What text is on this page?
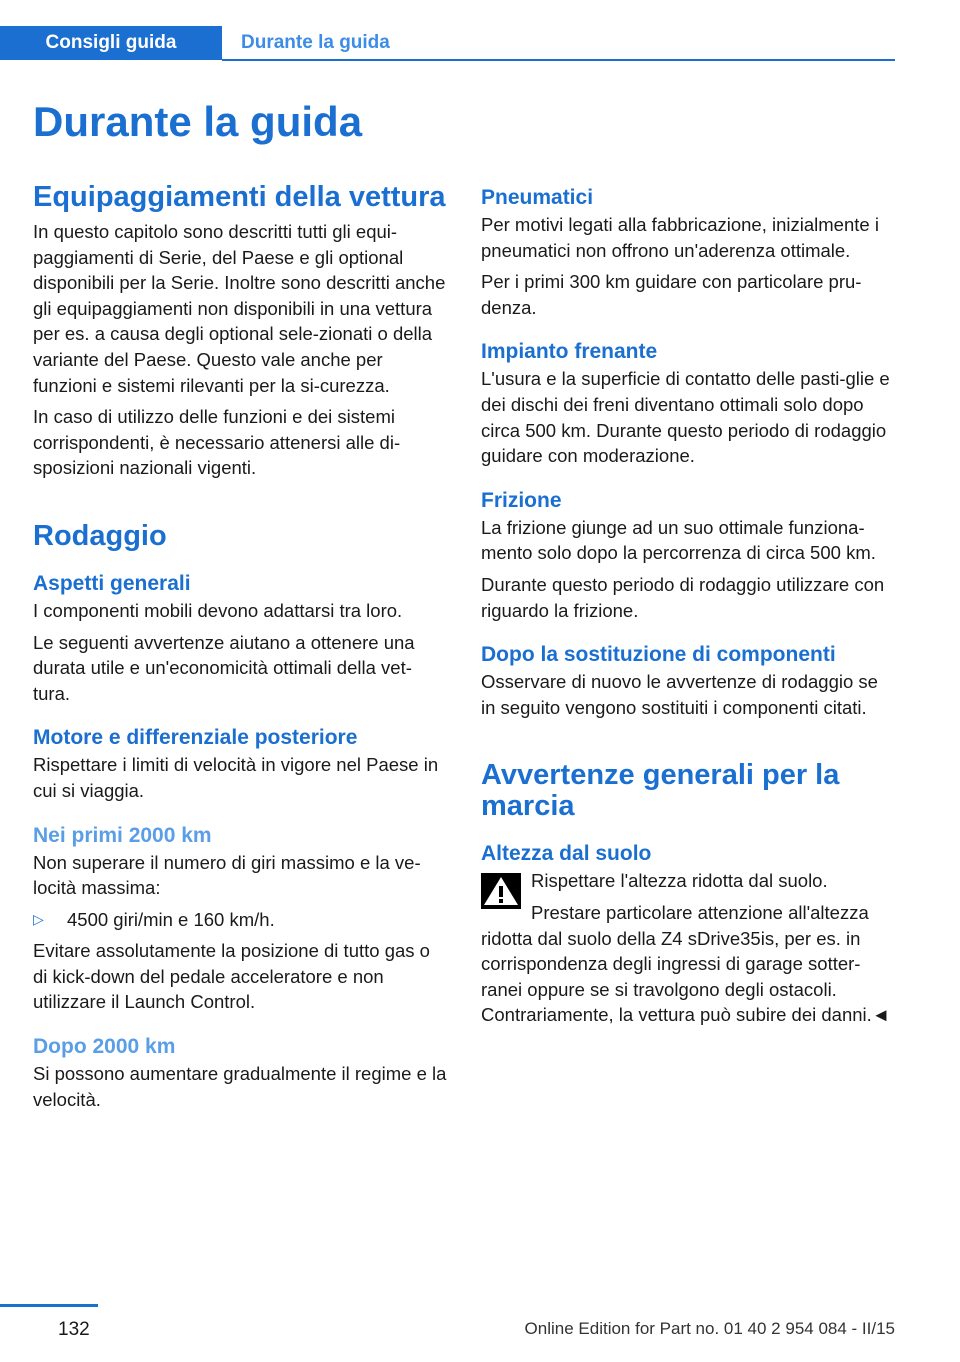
Consigli guida	Durante la guida
Durante la guida
Equipaggiamenti della vettura

In questo capitolo sono descritti tutti gli equi-paggiamenti di Serie, del Paese e gli optional disponibili per la Serie. Inoltre sono descritti anche gli equipaggiamenti non disponibili in una vettura per es. a causa degli optional sele-zionati o della variante del Paese. Questo vale anche per funzioni e sistemi rilevanti per la si-curezza.

In caso di utilizzo delle funzioni e dei sistemi corrispondenti, è necessario attenersi alle di-sposizioni nazionali vigenti.

Rodaggio
Aspetti generali

I componenti mobili devono adattarsi tra loro.

Le seguenti avvertenze aiutano a ottenere una durata utile e un'economicità ottimali della vet-tura.

Motore e differenziale posteriore

Rispettare i limiti di velocità in vigore nel Paese in cui si viaggia.

Nei primi 2000 km

Non superare il numero di giri massimo e la ve-locità massima:

▷	4500 giri/min e 160 km/h.

Evitare assolutamente la posizione di tutto gas o di kick-down del pedale acceleratore e non utilizzare il Launch Control.

Dopo 2000 km

Si possono aumentare gradualmente il regime e la velocità.

Pneumatici

Per motivi legati alla fabbricazione, inizialmente i pneumatici non offrono un'aderenza ottimale.

Per i primi 300 km guidare con particolare pru-denza.

Impianto frenante

L'usura e la superficie di contatto delle pasti-glie e dei dischi dei freni diventano ottimali solo dopo circa 500 km. Durante questo periodo di rodaggio guidare con moderazione.

Frizione

La frizione giunge ad un suo ottimale funziona-mento solo dopo la percorrenza di circa 500 km.

Durante questo periodo di rodaggio utilizzare con riguardo la frizione.

Dopo la sostituzione di componenti

Osservare di nuovo le avvertenze di rodaggio se in seguito vengono sostituiti i componenti citati.

Avvertenze generali per la marcia
Altezza dal suolo

Rispettare l'altezza ridotta dal suolo.

Prestare particolare attenzione all'altezza ridotta dal suolo della Z4 sDrive35is, per es. in corrispondenza degli ingressi di garage sotter-ranei oppure se si travolgono degli ostacoli. Contrariamente, la vettura può subire dei danni.◄

132	Online Edition for Part no. 01 40 2 954 084 - II/15
